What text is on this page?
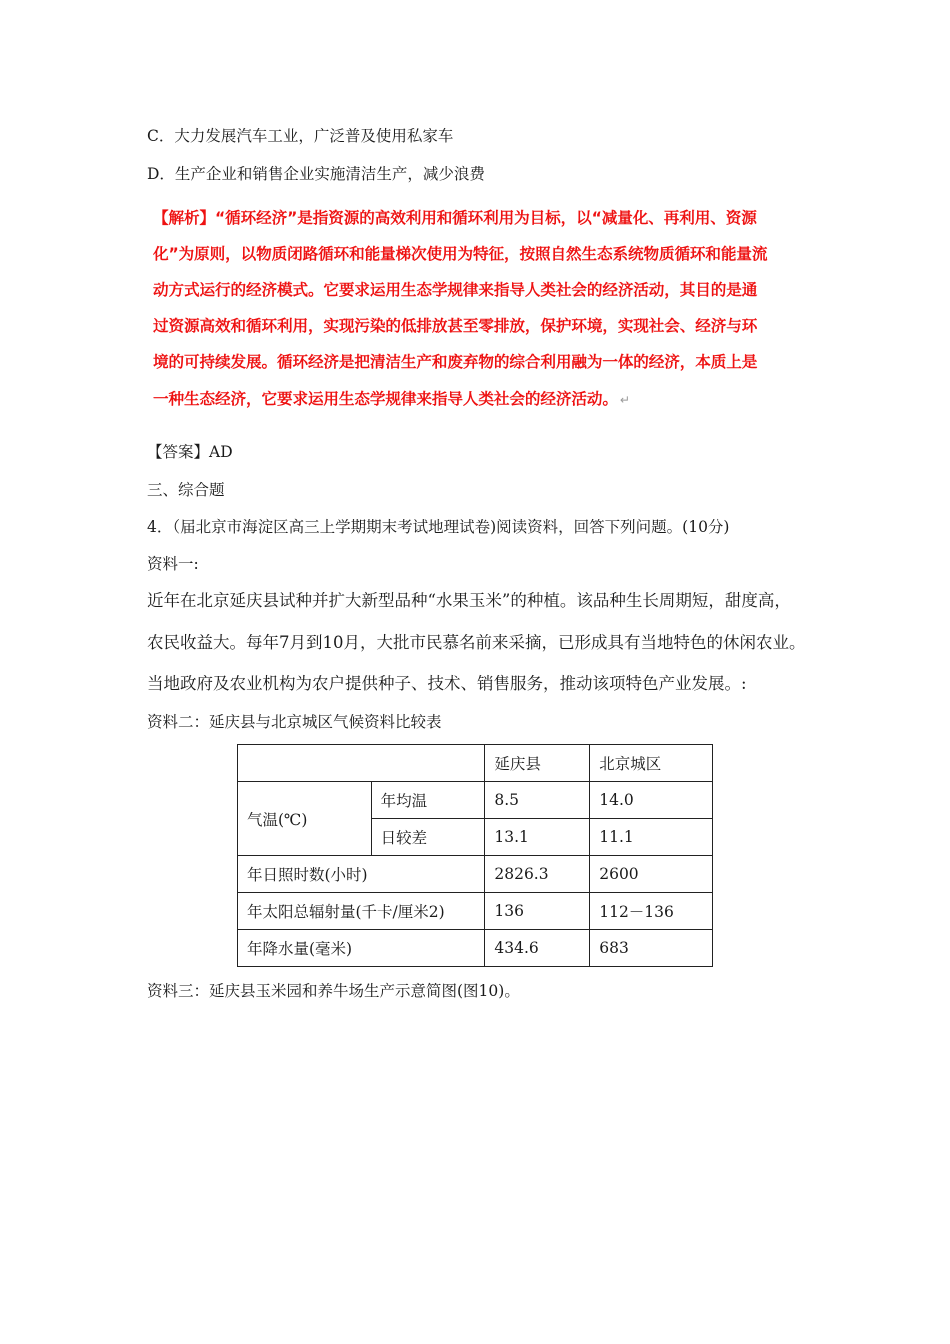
C．大力发展汽车工业，广泛普及使用私家车
D．生产企业和销售企业实施清洁生产，减少浪费
【解析】“循环经济”是指资源的高效利用和循环利用为目标，以“减量化、再利用、资源
化”为原则，以物质闭路循环和能量梯次使用为特征，按照自然生态系统物质循环和能量流
动方式运行的经济模式。它要求运用生态学规律来指导人类社会的经济活动，其目的是通
过资源高效和循环利用，实现污染的低排放甚至零排放，保护环境，实现社会、经济与环
境的可持续发展。循环经济是把清洁生产和废弃物的综合利用融为一体的经济，本质上是
一种生态经济，它要求运用生态学规律来指导人类社会的经济活动。 ↵
【答案】AD
三、综合题
4．（届北京市海淀区高三上学期期末考试地理试卷)阅读资料，回答下列问题。(10分)
资料一:
近年在北京延庆县试种并扩大新型品种“水果玉米”的种植。该品种生长周期短，甜度高，
农民收益大。每年7月到10月，大批市民慕名前来采摘，已形成具有当地特色的休闲农业。
当地政府及农业机构为农户提供种子、技术、销售服务，推动该项特色产业发展。:
资料二：延庆县与北京城区气候资料比较表
		延庆县	北京城区
气温(℃)	年均温	8.5	14.0
	日较差	13.1	11.1
年日照时数(小时)		2826.3	2600
年太阳总辐射量(千卡/厘米2)		136	112－136
年降水量(毫米)		434.6	683
资料三：延庆县玉米园和养牛场生产示意简图(图10)。
